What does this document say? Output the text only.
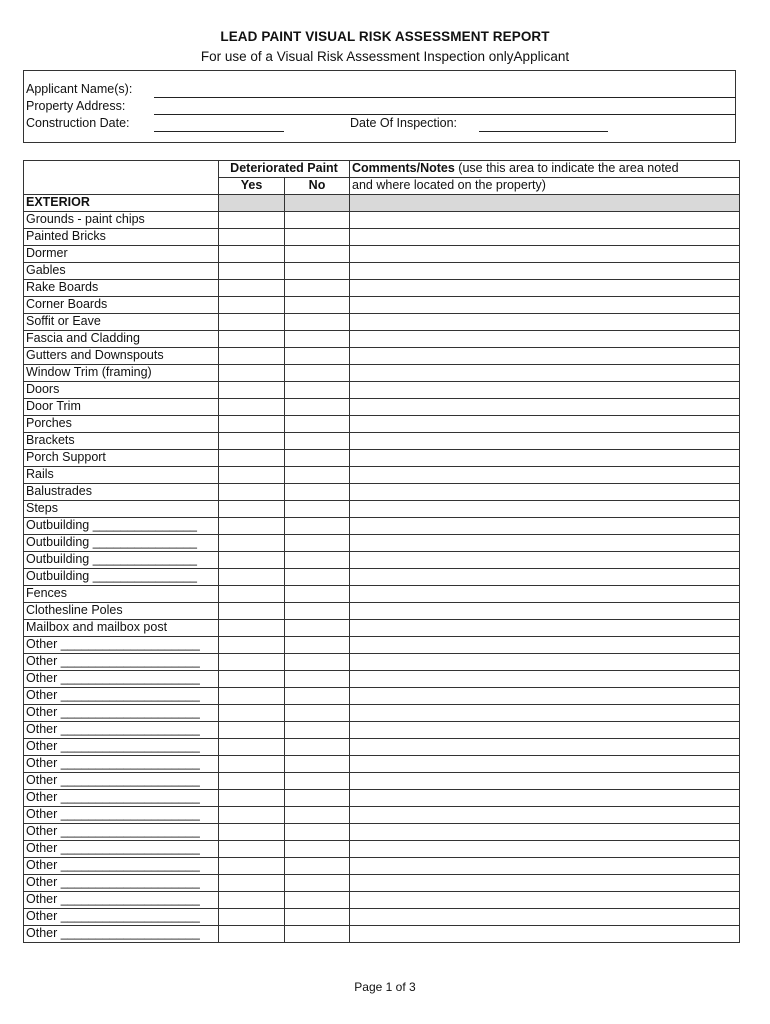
LEAD PAINT VISUAL RISK ASSESSMENT REPORT
For use of a Visual Risk Assessment Inspection onlyApplicant
Applicant Name(s):
Property Address:
Construction Date:	Date Of Inspection:
	Deteriorated Paint		Comments/Notes (use this area to indicate the area noted
	Yes	No	and where located on the property)
EXTERIOR			
Grounds - paint chips			
Painted Bricks			
Dormer			
Gables			
Rake Boards			
Corner Boards			
Soffit or Eave			
Fascia and Cladding			
Gutters and Downspouts			
Window Trim (framing)			
Doors			
Door Trim			
Porches			
Brackets			
Porch Support			
Rails			
Balustrades			
Steps			
Outbuilding _______________			
Outbuilding _______________			
Outbuilding _______________			
Outbuilding _______________			
Fences			
Clothesline Poles			
Mailbox and mailbox post			
Other ____________________			
Other ____________________			
Other ____________________			
Other ____________________			
Other ____________________			
Other ____________________			
Other ____________________			
Other ____________________			
Other ____________________			
Other ____________________			
Other ____________________			
Other ____________________			
Other ____________________			
Other ____________________			
Other ____________________			
Other ____________________			
Other ____________________			
Other ____________________			
Page 1 of 3
